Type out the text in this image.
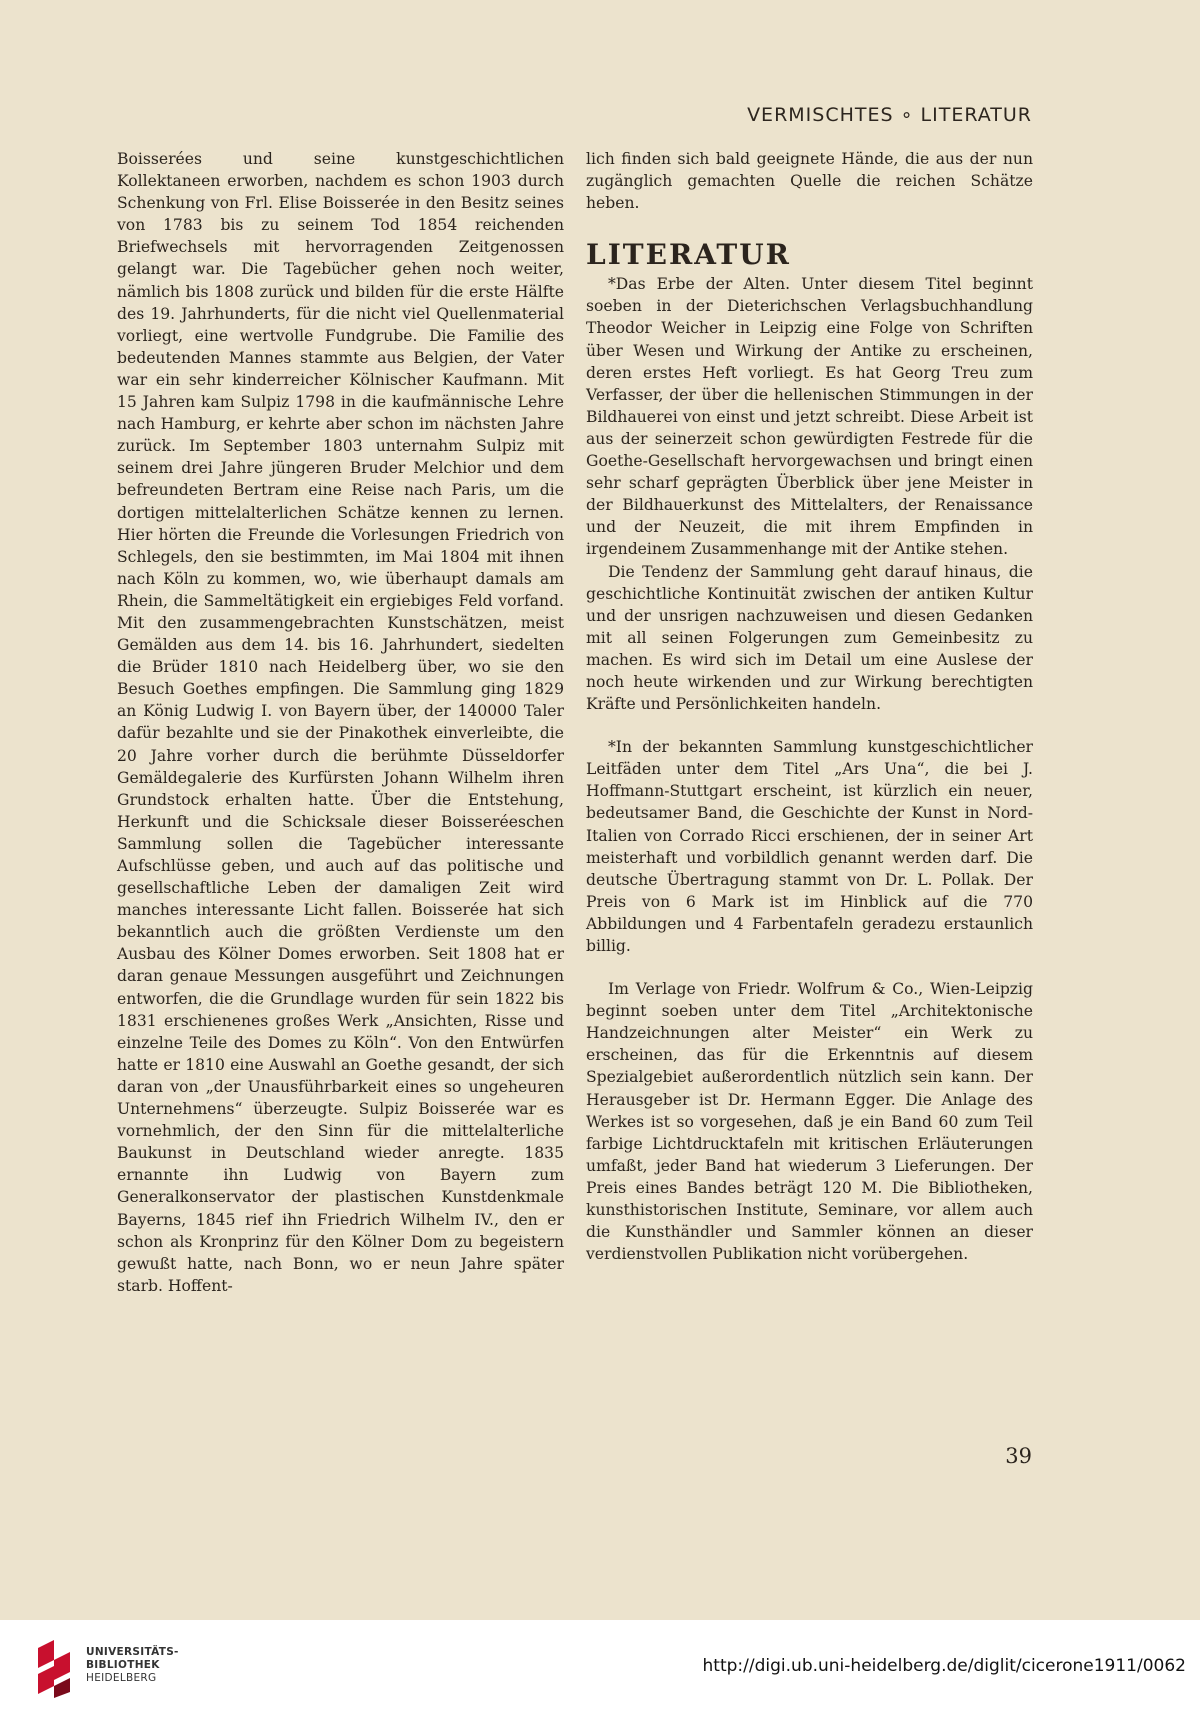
VERMISCHTES ∘ LITERATUR

Boisserées und seine kunstgeschichtlichen Kollektaneen erworben, nachdem es schon 1903 durch Schenkung von Frl. Elise Boisserée in den Besitz seines von 1783 bis zu seinem Tod 1854 reichenden Briefwechsels mit hervorragenden Zeitgenossen gelangt war. Die Tagebücher gehen noch weiter, nämlich bis 1808 zurück und bilden für die erste Hälfte des 19. Jahrhunderts, für die nicht viel Quellenmaterial vorliegt, eine wertvolle Fundgrube. Die Familie des bedeutenden Mannes stammte aus Belgien, der Vater war ein sehr kinderreicher Kölnischer Kaufmann. Mit 15 Jahren kam Sulpiz 1798 in die kaufmännische Lehre nach Hamburg, er kehrte aber schon im nächsten Jahre zurück. Im September 1803 unternahm Sulpiz mit seinem drei Jahre jüngeren Bruder Melchior und dem befreundeten Bertram eine Reise nach Paris, um die dortigen mittelalterlichen Schätze kennen zu lernen. Hier hörten die Freunde die Vorlesungen Friedrich von Schlegels, den sie bestimmten, im Mai 1804 mit ihnen nach Köln zu kommen, wo, wie überhaupt damals am Rhein, die Sammeltätigkeit ein ergiebiges Feld vorfand. Mit den zusammengebrachten Kunstschätzen, meist Gemälden aus dem 14. bis 16. Jahrhundert, siedelten die Brüder 1810 nach Heidelberg über, wo sie den Besuch Goethes empfingen. Die Sammlung ging 1829 an König Ludwig I. von Bayern über, der 140000 Taler dafür bezahlte und sie der Pinakothek einverleibte, die 20 Jahre vorher durch die berühmte Düsseldorfer Gemäldegalerie des Kurfürsten Johann Wilhelm ihren Grundstock erhalten hatte. Über die Entstehung, Herkunft und die Schicksale dieser Boisseréeschen Sammlung sollen die Tagebücher interessante Aufschlüsse geben, und auch auf das politische und gesellschaftliche Leben der damaligen Zeit wird manches interessante Licht fallen. Boisserée hat sich bekanntlich auch die größten Verdienste um den Ausbau des Kölner Domes erworben. Seit 1808 hat er daran genaue Messungen ausgeführt und Zeichnungen entworfen, die die Grundlage wurden für sein 1822 bis 1831 erschienenes großes Werk „Ansichten, Risse und einzelne Teile des Domes zu Köln“. Von den Entwürfen hatte er 1810 eine Auswahl an Goethe gesandt, der sich daran von „der Unausführbarkeit eines so ungeheuren Unternehmens“ überzeugte. Sulpiz Boisserée war es vornehmlich, der den Sinn für die mittelalterliche Baukunst in Deutschland wieder anregte. 1835 ernannte ihn Ludwig von Bayern zum Generalkonservator der plastischen Kunstdenkmale Bayerns, 1845 rief ihn Friedrich Wilhelm IV., den er schon als Kronprinz für den Kölner Dom zu begeistern gewußt hatte, nach Bonn, wo er neun Jahre später starb. Hoffent-

lich finden sich bald geeignete Hände, die aus der nun zugänglich gemachten Quelle die reichen Schätze heben.

LITERATUR

*Das Erbe der Alten. Unter diesem Titel beginnt soeben in der Dieterichschen Verlagsbuchhandlung Theodor Weicher in Leipzig eine Folge von Schriften über Wesen und Wirkung der Antike zu erscheinen, deren erstes Heft vorliegt. Es hat Georg Treu zum Verfasser, der über die hellenischen Stimmungen in der Bildhauerei von einst und jetzt schreibt. Diese Arbeit ist aus der seinerzeit schon gewürdigten Festrede für die Goethe-Gesellschaft hervorgewachsen und bringt einen sehr scharf geprägten Überblick über jene Meister in der Bildhauerkunst des Mittelalters, der Renaissance und der Neuzeit, die mit ihrem Empfinden in irgendeinem Zusammenhange mit der Antike stehen.

Die Tendenz der Sammlung geht darauf hinaus, die geschichtliche Kontinuität zwischen der antiken Kultur und der unsrigen nachzuweisen und diesen Gedanken mit all seinen Folgerungen zum Gemeinbesitz zu machen. Es wird sich im Detail um eine Auslese der noch heute wirkenden und zur Wirkung berechtigten Kräfte und Persönlichkeiten handeln.

*In der bekannten Sammlung kunstgeschichtlicher Leitfäden unter dem Titel „Ars Una“, die bei J. Hoffmann-Stuttgart erscheint, ist kürzlich ein neuer, bedeutsamer Band, die Geschichte der Kunst in Nord-Italien von Corrado Ricci erschienen, der in seiner Art meisterhaft und vorbildlich genannt werden darf. Die deutsche Übertragung stammt von Dr. L. Pollak. Der Preis von 6 Mark ist im Hinblick auf die 770 Abbildungen und 4 Farbentafeln geradezu erstaunlich billig.

Im Verlage von Friedr. Wolfrum & Co., Wien-Leipzig beginnt soeben unter dem Titel „Architektonische Handzeichnungen alter Meister“ ein Werk zu erscheinen, das für die Erkenntnis auf diesem Spezialgebiet außerordentlich nützlich sein kann. Der Herausgeber ist Dr. Hermann Egger. Die Anlage des Werkes ist so vorgesehen, daß je ein Band 60 zum Teil farbige Lichtdrucktafeln mit kritischen Erläuterungen umfaßt, jeder Band hat wiederum 3 Lieferungen. Der Preis eines Bandes beträgt 120 M. Die Bibliotheken, kunsthistorischen Institute, Seminare, vor allem auch die Kunsthändler und Sammler können an dieser verdienstvollen Publikation nicht vorübergehen.

39
UNIVERSITÄTS-
BIBLIOTHEK
HEIDELBERG
http://digi.ub.uni-heidelberg.de/diglit/cicerone1911/0062
